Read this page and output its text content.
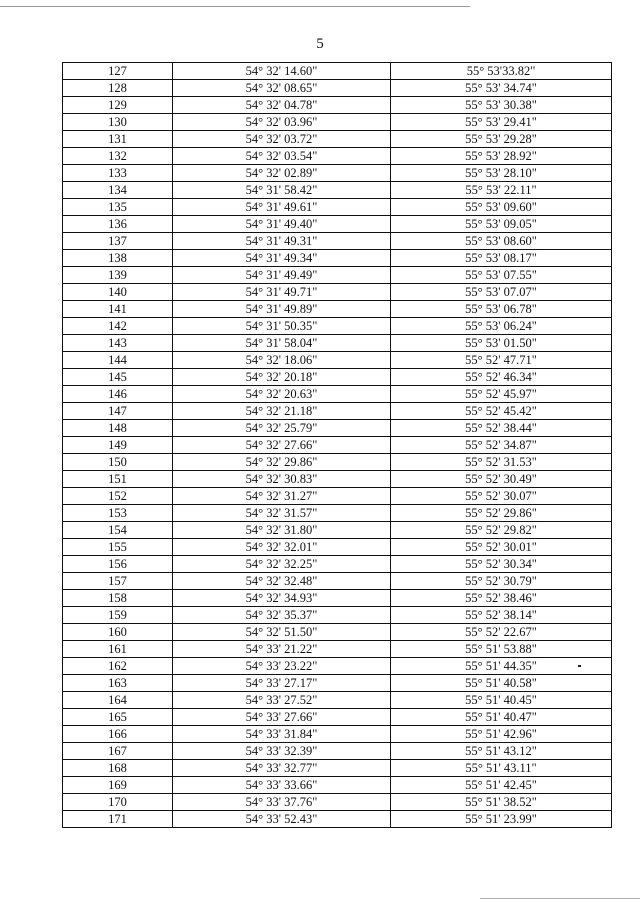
5
127	54° 32' 14.60"	55° 53'33.82"
128	54° 32' 08.65"	55° 53' 34.74"
129	54° 32' 04.78"	55° 53' 30.38"
130	54° 32' 03.96"	55° 53' 29.41"
131	54° 32' 03.72"	55° 53' 29.28"
132	54° 32' 03.54"	55° 53' 28.92"
133	54° 32' 02.89"	55° 53' 28.10"
134	54° 31' 58.42"	55° 53' 22.11"
135	54° 31' 49.61"	55° 53' 09.60"
136	54° 31' 49.40"	55° 53' 09.05"
137	54° 31' 49.31"	55° 53' 08.60"
138	54° 31' 49.34"	55° 53' 08.17"
139	54° 31' 49.49"	55° 53' 07.55"
140	54° 31' 49.71"	55° 53' 07.07"
141	54° 31' 49.89"	55° 53' 06.78"
142	54° 31' 50.35"	55° 53' 06.24"
143	54° 31' 58.04"	55° 53' 01.50"
144	54° 32' 18.06"	55° 52' 47.71"
145	54° 32' 20.18"	55° 52' 46.34"
146	54° 32' 20.63"	55° 52' 45.97"
147	54° 32' 21.18"	55° 52' 45.42"
148	54° 32' 25.79"	55° 52' 38.44"
149	54° 32' 27.66"	55° 52' 34.87"
150	54° 32' 29.86"	55° 52' 31.53"
151	54° 32' 30.83"	55° 52' 30.49"
152	54° 32' 31.27"	55° 52' 30.07"
153	54° 32' 31.57"	55° 52' 29.86"
154	54° 32' 31.80"	55° 52' 29.82"
155	54° 32' 32.01"	55° 52' 30.01"
156	54° 32' 32.25"	55° 52' 30.34"
157	54° 32' 32.48"	55° 52' 30.79"
158	54° 32' 34.93"	55° 52' 38.46"
159	54° 32' 35.37"	55° 52' 38.14"
160	54° 32' 51.50"	55° 52' 22.67"
161	54° 33' 21.22"	55° 51' 53.88"
162	54° 33' 23.22"	55° 51' 44.35"
163	54° 33' 27.17"	55° 51' 40.58"
164	54° 33' 27.52"	55° 51' 40.45"
165	54° 33' 27.66"	55° 51' 40.47"
166	54° 33' 31.84"	55° 51' 42.96"
167	54° 33' 32.39"	55° 51' 43.12"
168	54° 33' 32.77"	55° 51' 43.11"
169	54° 33' 33.66"	55° 51' 42.45"
170	54° 33' 37.76"	55° 51' 38.52"
171	54° 33' 52.43"	55° 51' 23.99"
